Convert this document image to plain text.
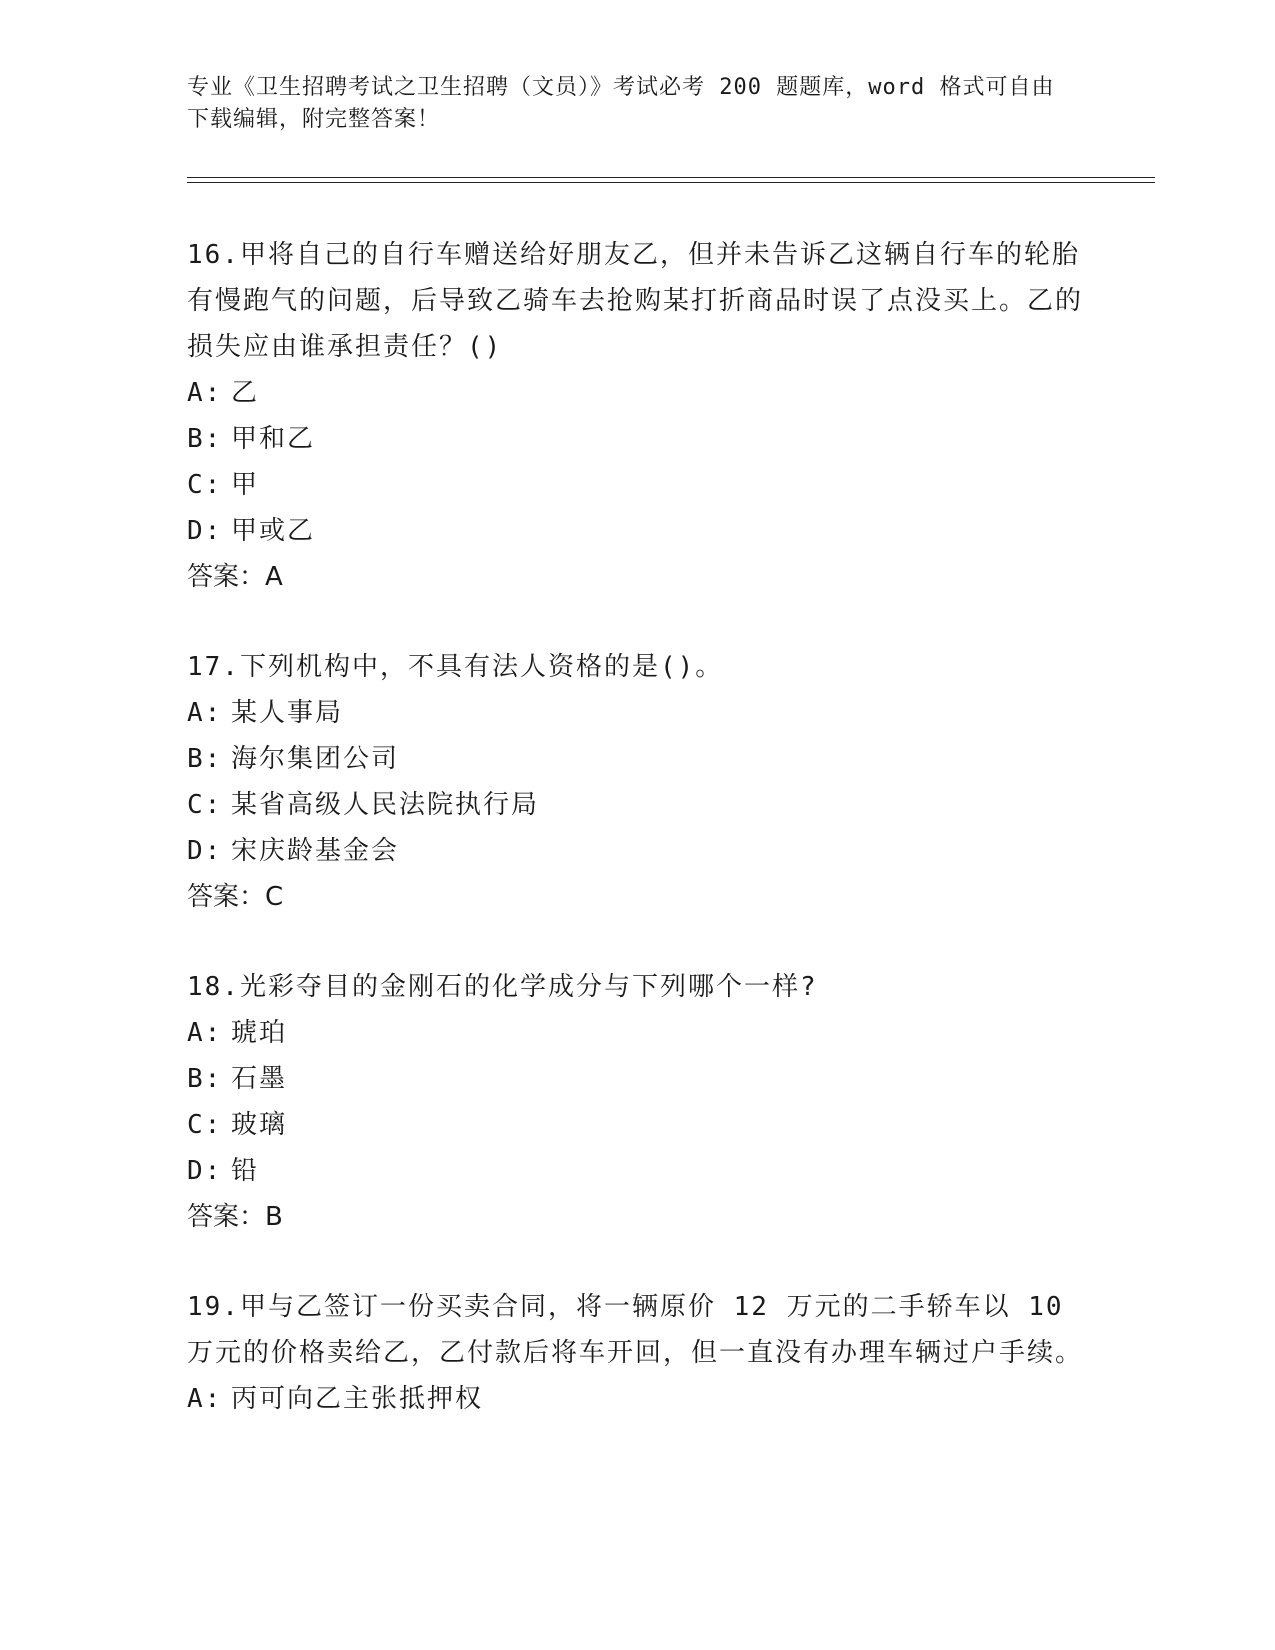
专业《卫生招聘考试之卫生招聘（文员）》考试必考 200 题题库，word 格式可自由下载编辑，附完整答案！

16.甲将自己的自行车赠送给好朋友乙，但并未告诉乙这辆自行车的轮胎有慢跑气的问题，后导致乙骑车去抢购某打折商品时误了点没买上。乙的损失应由谁承担责任？()

A: 乙

B: 甲和乙

C: 甲

D: 甲或乙

答案：A

17.下列机构中，不具有法人资格的是()。

A: 某人事局

B: 海尔集团公司

C: 某省高级人民法院执行局

D: 宋庆龄基金会

答案：C

18.光彩夺目的金刚石的化学成分与下列哪个一样?

A: 琥珀

B: 石墨

C: 玻璃

D: 铅

答案：B

19.甲与乙签订一份买卖合同，将一辆原价 12 万元的二手轿车以 10 万元的价格卖给乙，乙付款后将车开回，但一直没有办理车辆过户手续。

A: 丙可向乙主张抵押权
